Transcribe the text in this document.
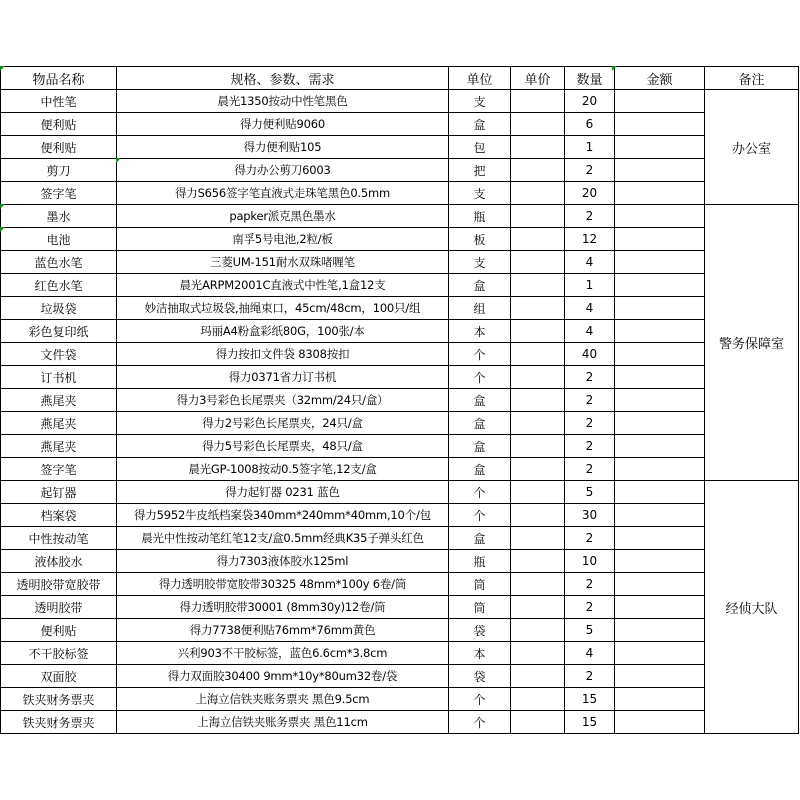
物品名称	规格、参数、需求	单位	单价	数量	金额	备注
中性笔	晨光1350按动中性笔黑色	支		20		办公室
便利贴	得力便利贴9060	盒		6		
便利贴	得力便利贴105	包		1		
剪刀	得力办公剪刀6003	把		2		
签字笔	得力S656签字笔直液式走珠笔黑色0.5mm	支		20		
墨水	papker派克黑色墨水	瓶		2		警务保障室
电池	南孚5号电池,2粒/板	板		12		
蓝色水笔	三菱UM-151耐水双珠啫喱笔	支		4		
红色水笔	晨光ARPM2001C直液式中性笔,1盒12支	盒		1		
垃圾袋	妙洁抽取式垃圾袋,抽绳束口，45cm/48cm，100只/组	组		4		
彩色复印纸	玛丽A4粉盒彩纸80G，100张/本	本		4		
文件袋	得力按扣文件袋 8308按扣	个		40		
订书机	得力0371省力订书机	个		2		
燕尾夹	得力3号彩色长尾票夹（32mm/24只/盒）	盒		2		
燕尾夹	得力2号彩色长尾票夹，24只/盒	盒		2		
燕尾夹	得力5号彩色长尾票夹，48只/盒	盒		2		
签字笔	晨光GP-1008按动0.5签字笔,12支/盒	盒		2		
起钉器	得力起钉器 0231 蓝色	个		5		经侦大队
档案袋	得力5952牛皮纸档案袋340mm*240mm*40mm,10个/包	个		30		
中性按动笔	晨光中性按动笔红笔12支/盒0.5mm经典K35子弹头红色	盒		2		
液体胶水	得力7303液体胶水125ml	瓶		10		
透明胶带宽胶带	得力透明胶带宽胶带30325 48mm*100y 6卷/筒	筒		2		
透明胶带	得力透明胶带30001 (8mm30y)12卷/筒	筒		2		
便利贴	得力7738便利贴76mm*76mm黄色	袋		5		
不干胶标签	兴利903不干胶标签，蓝色6.6cm*3.8cm	本		4		
双面胶	得力双面胶30400 9mm*10y*80um32卷/袋	袋		2		
铁夹财务票夹	上海立信铁夹账务票夹 黑色9.5cm	个		15		
铁夹财务票夹	上海立信铁夹账务票夹 黑色11cm	个		15		
